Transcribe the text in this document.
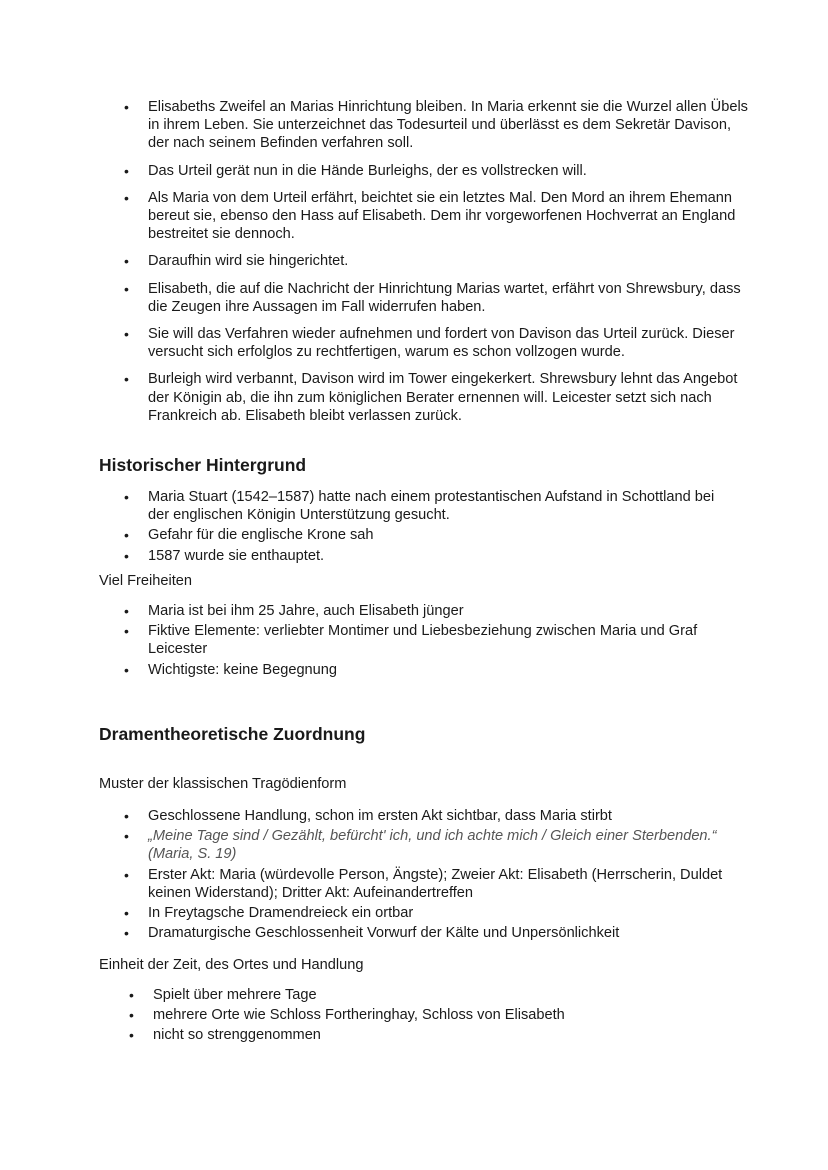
• Elisabeths Zweifel an Marias Hinrichtung bleiben. In Maria erkennt sie die Wurzel allen Übels in ihrem Leben. Sie unterzeichnet das Todesurteil und überlässt es dem Sekretär Davison, der nach seinem Befinden verfahren soll.
• Das Urteil gerät nun in die Hände Burleighs, der es vollstrecken will.
• Als Maria von dem Urteil erfährt, beichtet sie ein letztes Mal. Den Mord an ihrem Ehemann bereut sie, ebenso den Hass auf Elisabeth. Dem ihr vorgeworfenen Hochverrat an England bestreitet sie dennoch.
• Daraufhin wird sie hingerichtet.
• Elisabeth, die auf die Nachricht der Hinrichtung Marias wartet, erfährt von Shrewsbury, dass die Zeugen ihre Aussagen im Fall widerrufen haben.
• Sie will das Verfahren wieder aufnehmen und fordert von Davison das Urteil zurück. Dieser versucht sich erfolglos zu rechtfertigen, warum es schon vollzogen wurde.
• Burleigh wird verbannt, Davison wird im Tower eingekerkert. Shrewsbury lehnt das Angebot der Königin ab, die ihn zum königlichen Berater ernennen will. Leicester setzt sich nach Frankreich ab. Elisabeth bleibt verlassen zurück.
Historischer Hintergrund
• Maria Stuart (1542–1587) hatte nach einem protestantischen Aufstand in Schottland bei der englischen Königin Unterstützung gesucht.
• Gefahr für die englische Krone sah
• 1587 wurde sie enthauptet.

Viel Freiheiten

• Maria ist bei ihm 25 Jahre, auch Elisabeth jünger
• Fiktive Elemente: verliebter Montimer und Liebesbeziehung zwischen Maria und Graf Leicester
• Wichtigste: keine Begegnung
Dramentheoretische Zuordnung

Muster der klassischen Tragödienform

• Geschlossene Handlung, schon im ersten Akt sichtbar, dass Maria stirbt
• „Meine Tage sind / Gezählt, befürcht' ich, und ich achte mich / Gleich einer Sterbenden.“ (Maria, S. 19)
• Erster Akt: Maria (würdevolle Person, Ängste); Zweier Akt: Elisabeth (Herrscherin, Duldet keinen Widerstand); Dritter Akt: Aufeinandertreffen
• In Freytagsche Dramendreieck ein ortbar
• Dramaturgische Geschlossenheit Vorwurf der Kälte und Unpersönlichkeit

Einheit der Zeit, des Ortes und Handlung

• Spielt über mehrere Tage
• mehrere Orte wie Schloss Fortheringhay, Schloss von Elisabeth
• nicht so strenggenommen
